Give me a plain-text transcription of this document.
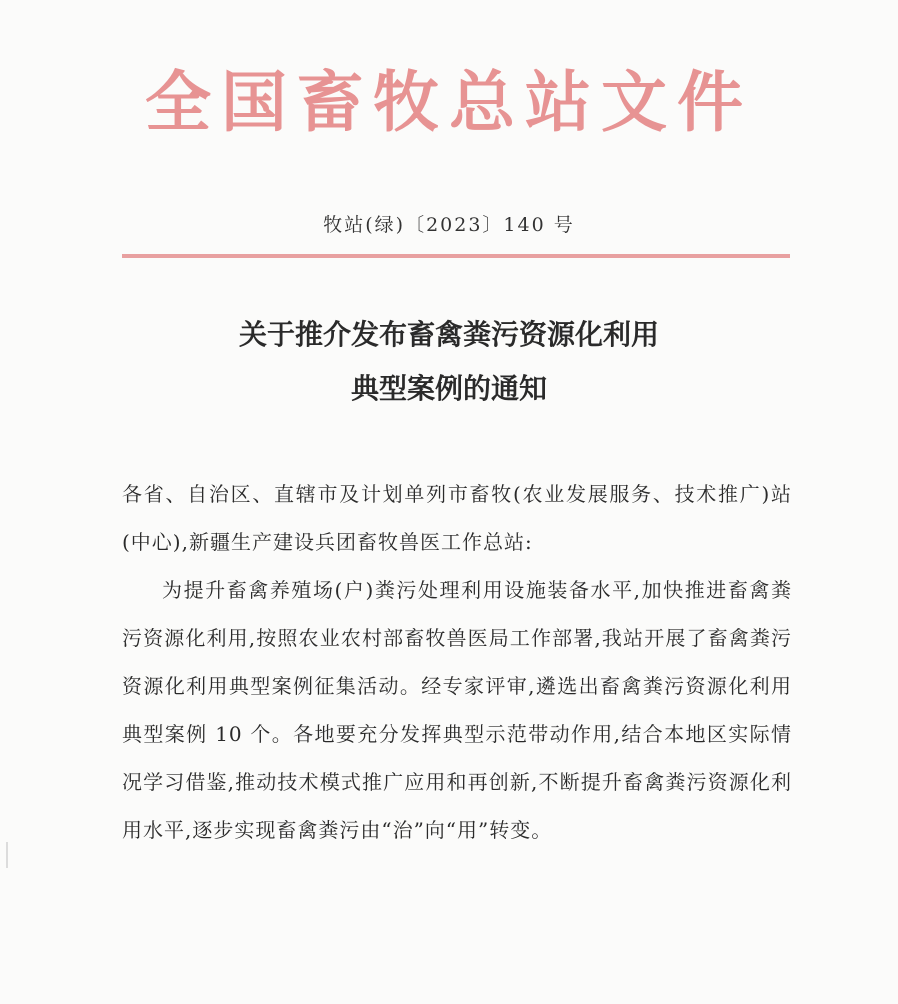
全国畜牧总站文件
牧站(绿)〔2023〕140 号
关于推介发布畜禽粪污资源化利用
典型案例的通知

各省、自治区、直辖市及计划单列市畜牧(农业发展服务、技术推广)站(中心),新疆生产建设兵团畜牧兽医工作总站:

为提升畜禽养殖场(户)粪污处理利用设施装备水平,加快推进畜禽粪污资源化利用,按照农业农村部畜牧兽医局工作部署,我站开展了畜禽粪污资源化利用典型案例征集活动。经专家评审,遴选出畜禽粪污资源化利用典型案例 10 个。各地要充分发挥典型示范带动作用,结合本地区实际情况学习借鉴,推动技术模式推广应用和再创新,不断提升畜禽粪污资源化利用水平,逐步实现畜禽粪污由“治”向“用”转变。
